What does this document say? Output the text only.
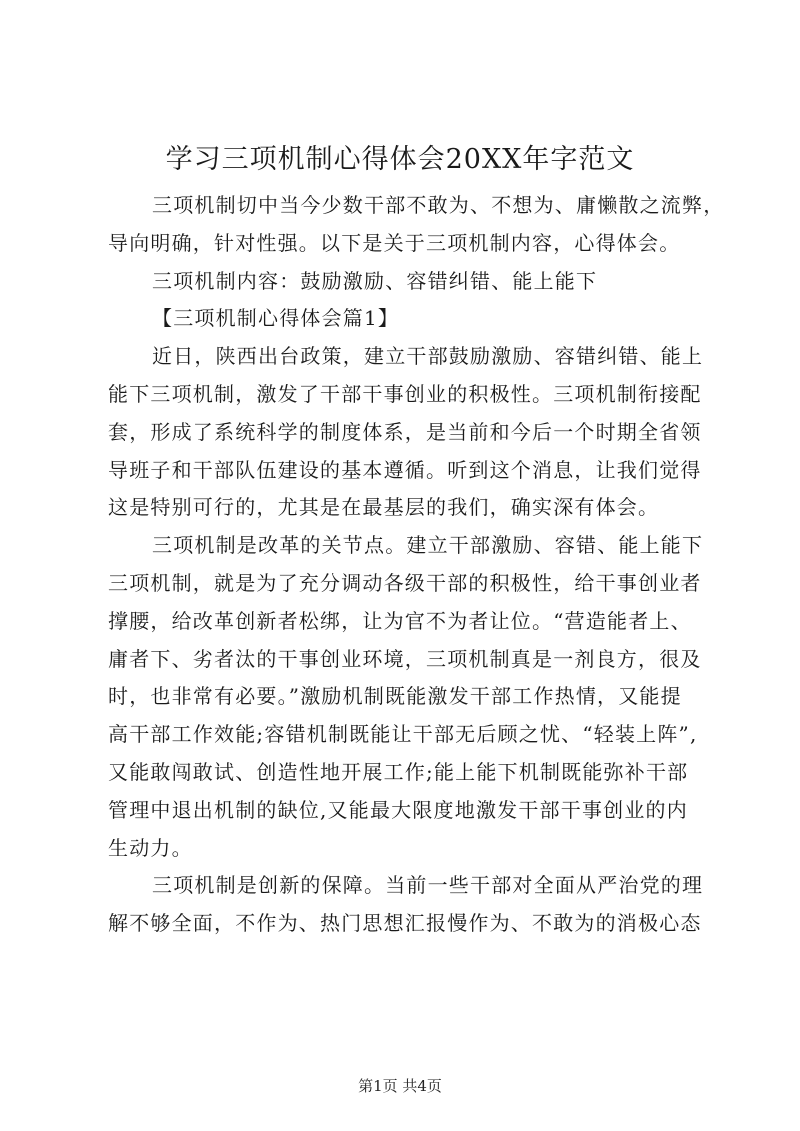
学习三项机制心得体会20XX年字范文
三项机制切中当今少数干部不敢为、不想为、庸懒散之流弊，
导向明确，针对性强。以下是关于三项机制内容，心得体会。
三项机制内容：鼓励激励、容错纠错、能上能下
【三项机制心得体会篇1】
近日，陕西出台政策，建立干部鼓励激励、容错纠错、能上
能下三项机制，激发了干部干事创业的积极性。三项机制衔接配
套，形成了系统科学的制度体系，是当前和今后一个时期全省领
导班子和干部队伍建设的基本遵循。听到这个消息，让我们觉得
这是特别可行的，尤其是在最基层的我们，确实深有体会。
三项机制是改革的关节点。建立干部激励、容错、能上能下
三项机制，就是为了充分调动各级干部的积极性，给干事创业者
撑腰，给改革创新者松绑，让为官不为者让位。“营造能者上、
庸者下、劣者汰的干事创业环境，三项机制真是一剂良方，很及
时，也非常有必要。”激励机制既能激发干部工作热情，又能提
高干部工作效能;容错机制既能让干部无后顾之忧、“轻装上阵”,
又能敢闯敢试、创造性地开展工作;能上能下机制既能弥补干部
管理中退出机制的缺位,又能最大限度地激发干部干事创业的内
生动力。
三项机制是创新的保障。当前一些干部对全面从严治党的理
解不够全面，不作为、热门思想汇报慢作为、不敢为的消极心态
第1页 共4页
